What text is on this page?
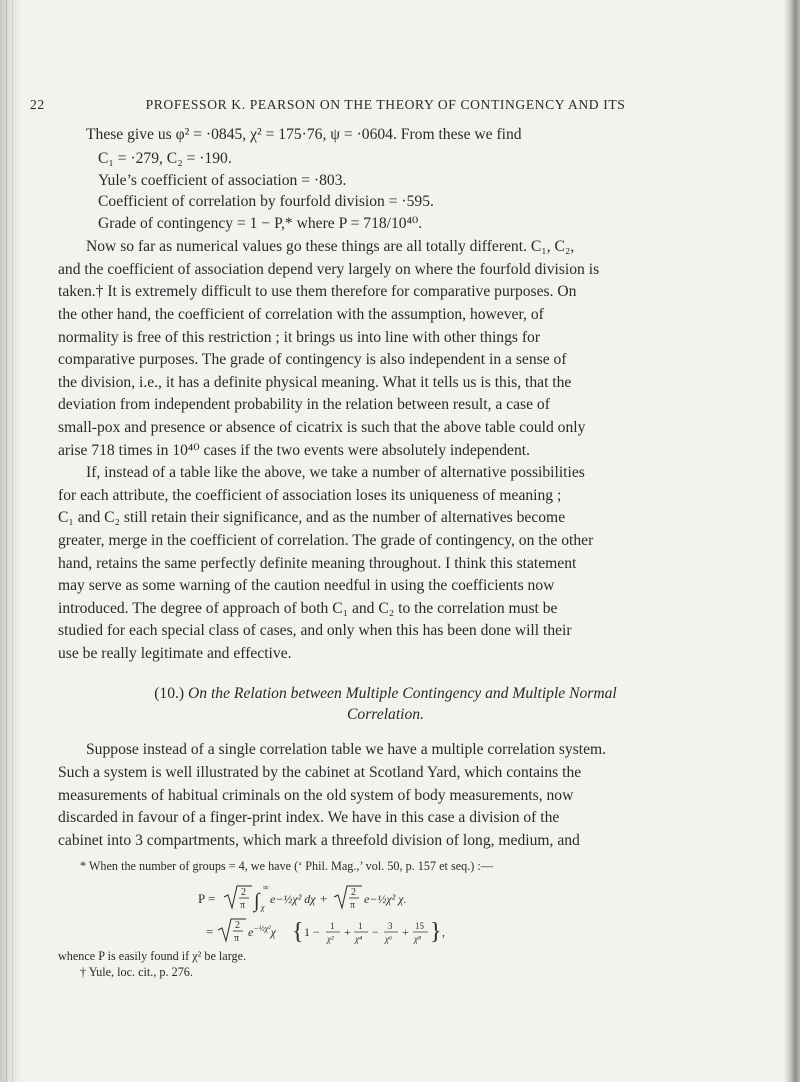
22	PROFESSOR K. PEARSON ON THE THEORY OF CONTINGENCY AND ITS

These give us φ² = ·0845, χ² = 175·76, ψ = ·0604. From these we find

C₁ = ·279, C₂ = ·190.
Yule’s coefficient of association = ·803.
Coefficient of correlation by fourfold division = ·595.
Grade of contingency = 1 − P,* where P = 718/10⁴⁰.
Now so far as numerical values go these things are all totally different. C₁, C₂,
and the coefficient of association depend very largely on where the fourfold division is
taken.† It is extremely difficult to use them therefore for comparative purposes. On
the other hand, the coefficient of correlation with the assumption, however, of
normality is free of this restriction ; it brings us into line with other things for
comparative purposes. The grade of contingency is also independent in a sense of
the division, i.e., it has a definite physical meaning. What it tells us is this, that the
deviation from independent probability in the relation between result, a case of
small-pox and presence or absence of cicatrix is such that the above table could only
arise 718 times in 10⁴⁰ cases if the two events were absolutely independent.
If, instead of a table like the above, we take a number of alternative possibilities
for each attribute, the coefficient of association loses its uniqueness of meaning ;
C₁ and C₂ still retain their significance, and as the number of alternatives become
greater, merge in the coefficient of correlation. The grade of contingency, on the other
hand, retains the same perfectly definite meaning throughout. I think this statement
may serve as some warning of the caution needful in using the coefficients now
introduced. The degree of approach of both C₁ and C₂ to the correlation must be
studied for each special class of cases, and only when this has been done will their
use be really legitimate and effective.
(10.) On the Relation between Multiple Contingency and Multiple Normal
Correlation.
Suppose instead of a single correlation table we have a multiple correlation system.
Such a system is well illustrated by the cabinet at Scotland Yard, which contains the
measurements of habitual criminals on the old system of body measurements, now
discarded in favour of a finger-print index. We have in this case a division of the
cabinet into 3 compartments, which mark a threefold division of long, medium, and
* When the number of groups = 4, we have (‘ Phil. Mag.,’ vol. 50, p. 157 et seq.) :—
P =	2
π ∫
∞
χ
e−½χ² dχ + 2
π e−½χ² χ.
= 2
π $e^{-\frac{1}{2}\chi^2}\chi$ { 1 − 1
χ² + 1
χ⁴ − 3
χ⁶ + 15
χ⁸ } ,
whence P is easily found if χ² be large.
† Yule, loc. cit., p. 276.
